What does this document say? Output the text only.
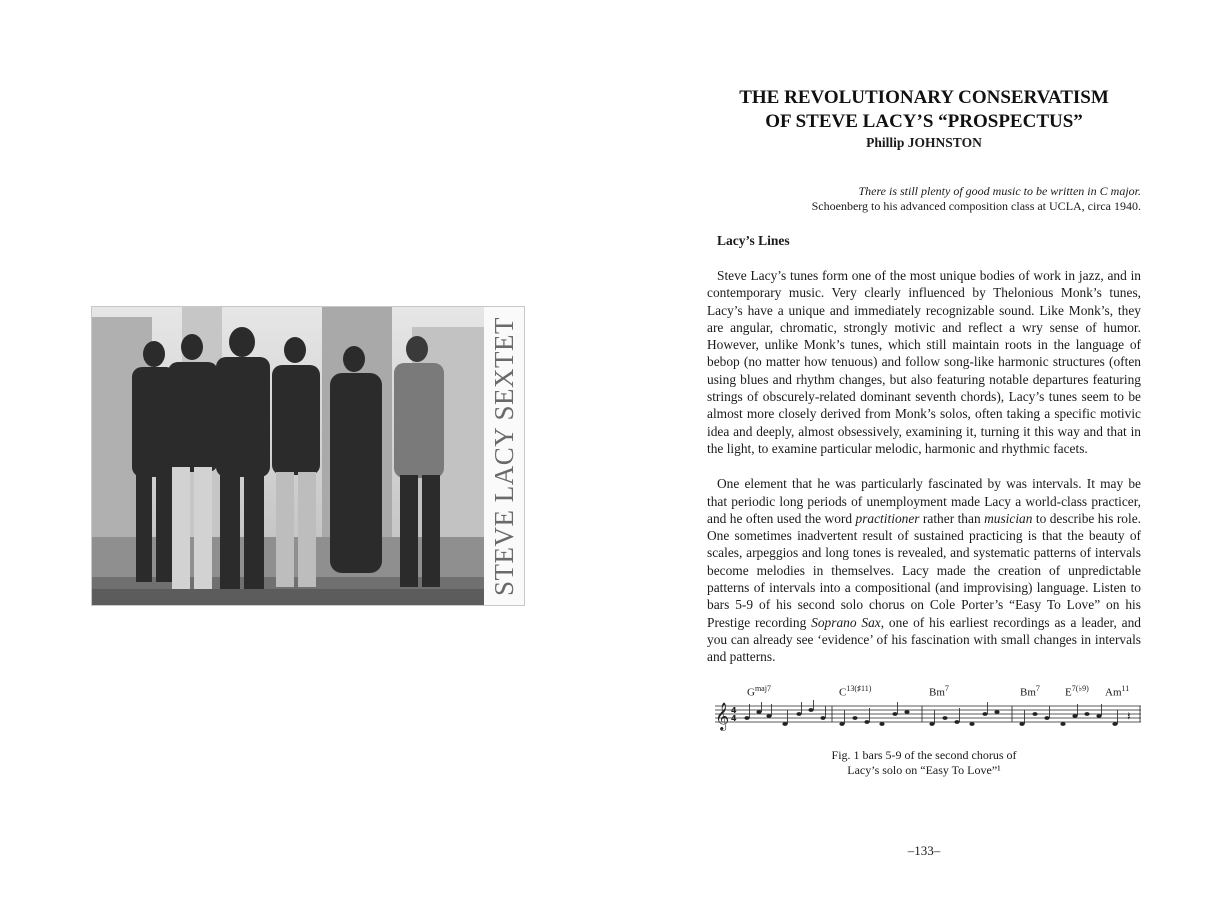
STEVE LACY SEXTET
THE REVOLUTIONARY CONSERVATISM
OF STEVE LACY’S “PROSPECTUS”
Phillip JOHNSTON
There is still plenty of good music to be written in C major.
Schoenberg to his advanced composition class at UCLA, circa 1940.
Lacy’s Lines

Steve Lacy’s tunes form one of the most unique bodies of work in jazz, and in contemporary music. Very clearly influenced by Thelonious Monk’s tunes, Lacy’s have a unique and immediately recognizable sound. Like Monk’s, they are angular, chromatic, strongly motivic and reflect a wry sense of humor. However, unlike Monk’s tunes, which still maintain roots in the language of bebop (no matter how tenuous) and follow song-like harmonic structures (often using blues and rhythm changes, but also featuring notable departures featuring strings of obscurely-related dominant seventh chords), Lacy’s tunes seem to be almost more closely derived from Monk’s solos, often taking a specific motivic idea and deeply, almost obsessively, examining it, turning it this way and that in the light, to examine particular melodic, harmonic and rhythmic facets.

One element that he was particularly fascinated by was intervals. It may be that periodic long periods of unemployment made Lacy a world-class practicer, and he often used the word practitioner rather than musician to describe his role. One sometimes inadvertent result of sustained practicing is that the beauty of scales, arpeggios and long tones is revealed, and systematic patterns of intervals become melodies in themselves. Lacy made the creation of unpredictable patterns of intervals into a compositional (and improvising) language. Listen to bars 5-9 of his second solo chorus on Cole Porter’s “Easy To Love” on his Prestige recording Soprano Sax, one of his earliest recordings as a leader, and you can already see ‘evidence’ of his fascination with small changes in intervals and patterns.

$G^{maj7}$	$C^{13(♯11)}$	Bm$^7$	Bm$^7$ $E^{7(♭9)}$ Am$^{11}$
𝄞 4
4	𝄽
Fig. 1 bars 5-9 of the second chorus of
Lacy’s solo on “Easy To Love”¹
–133–
